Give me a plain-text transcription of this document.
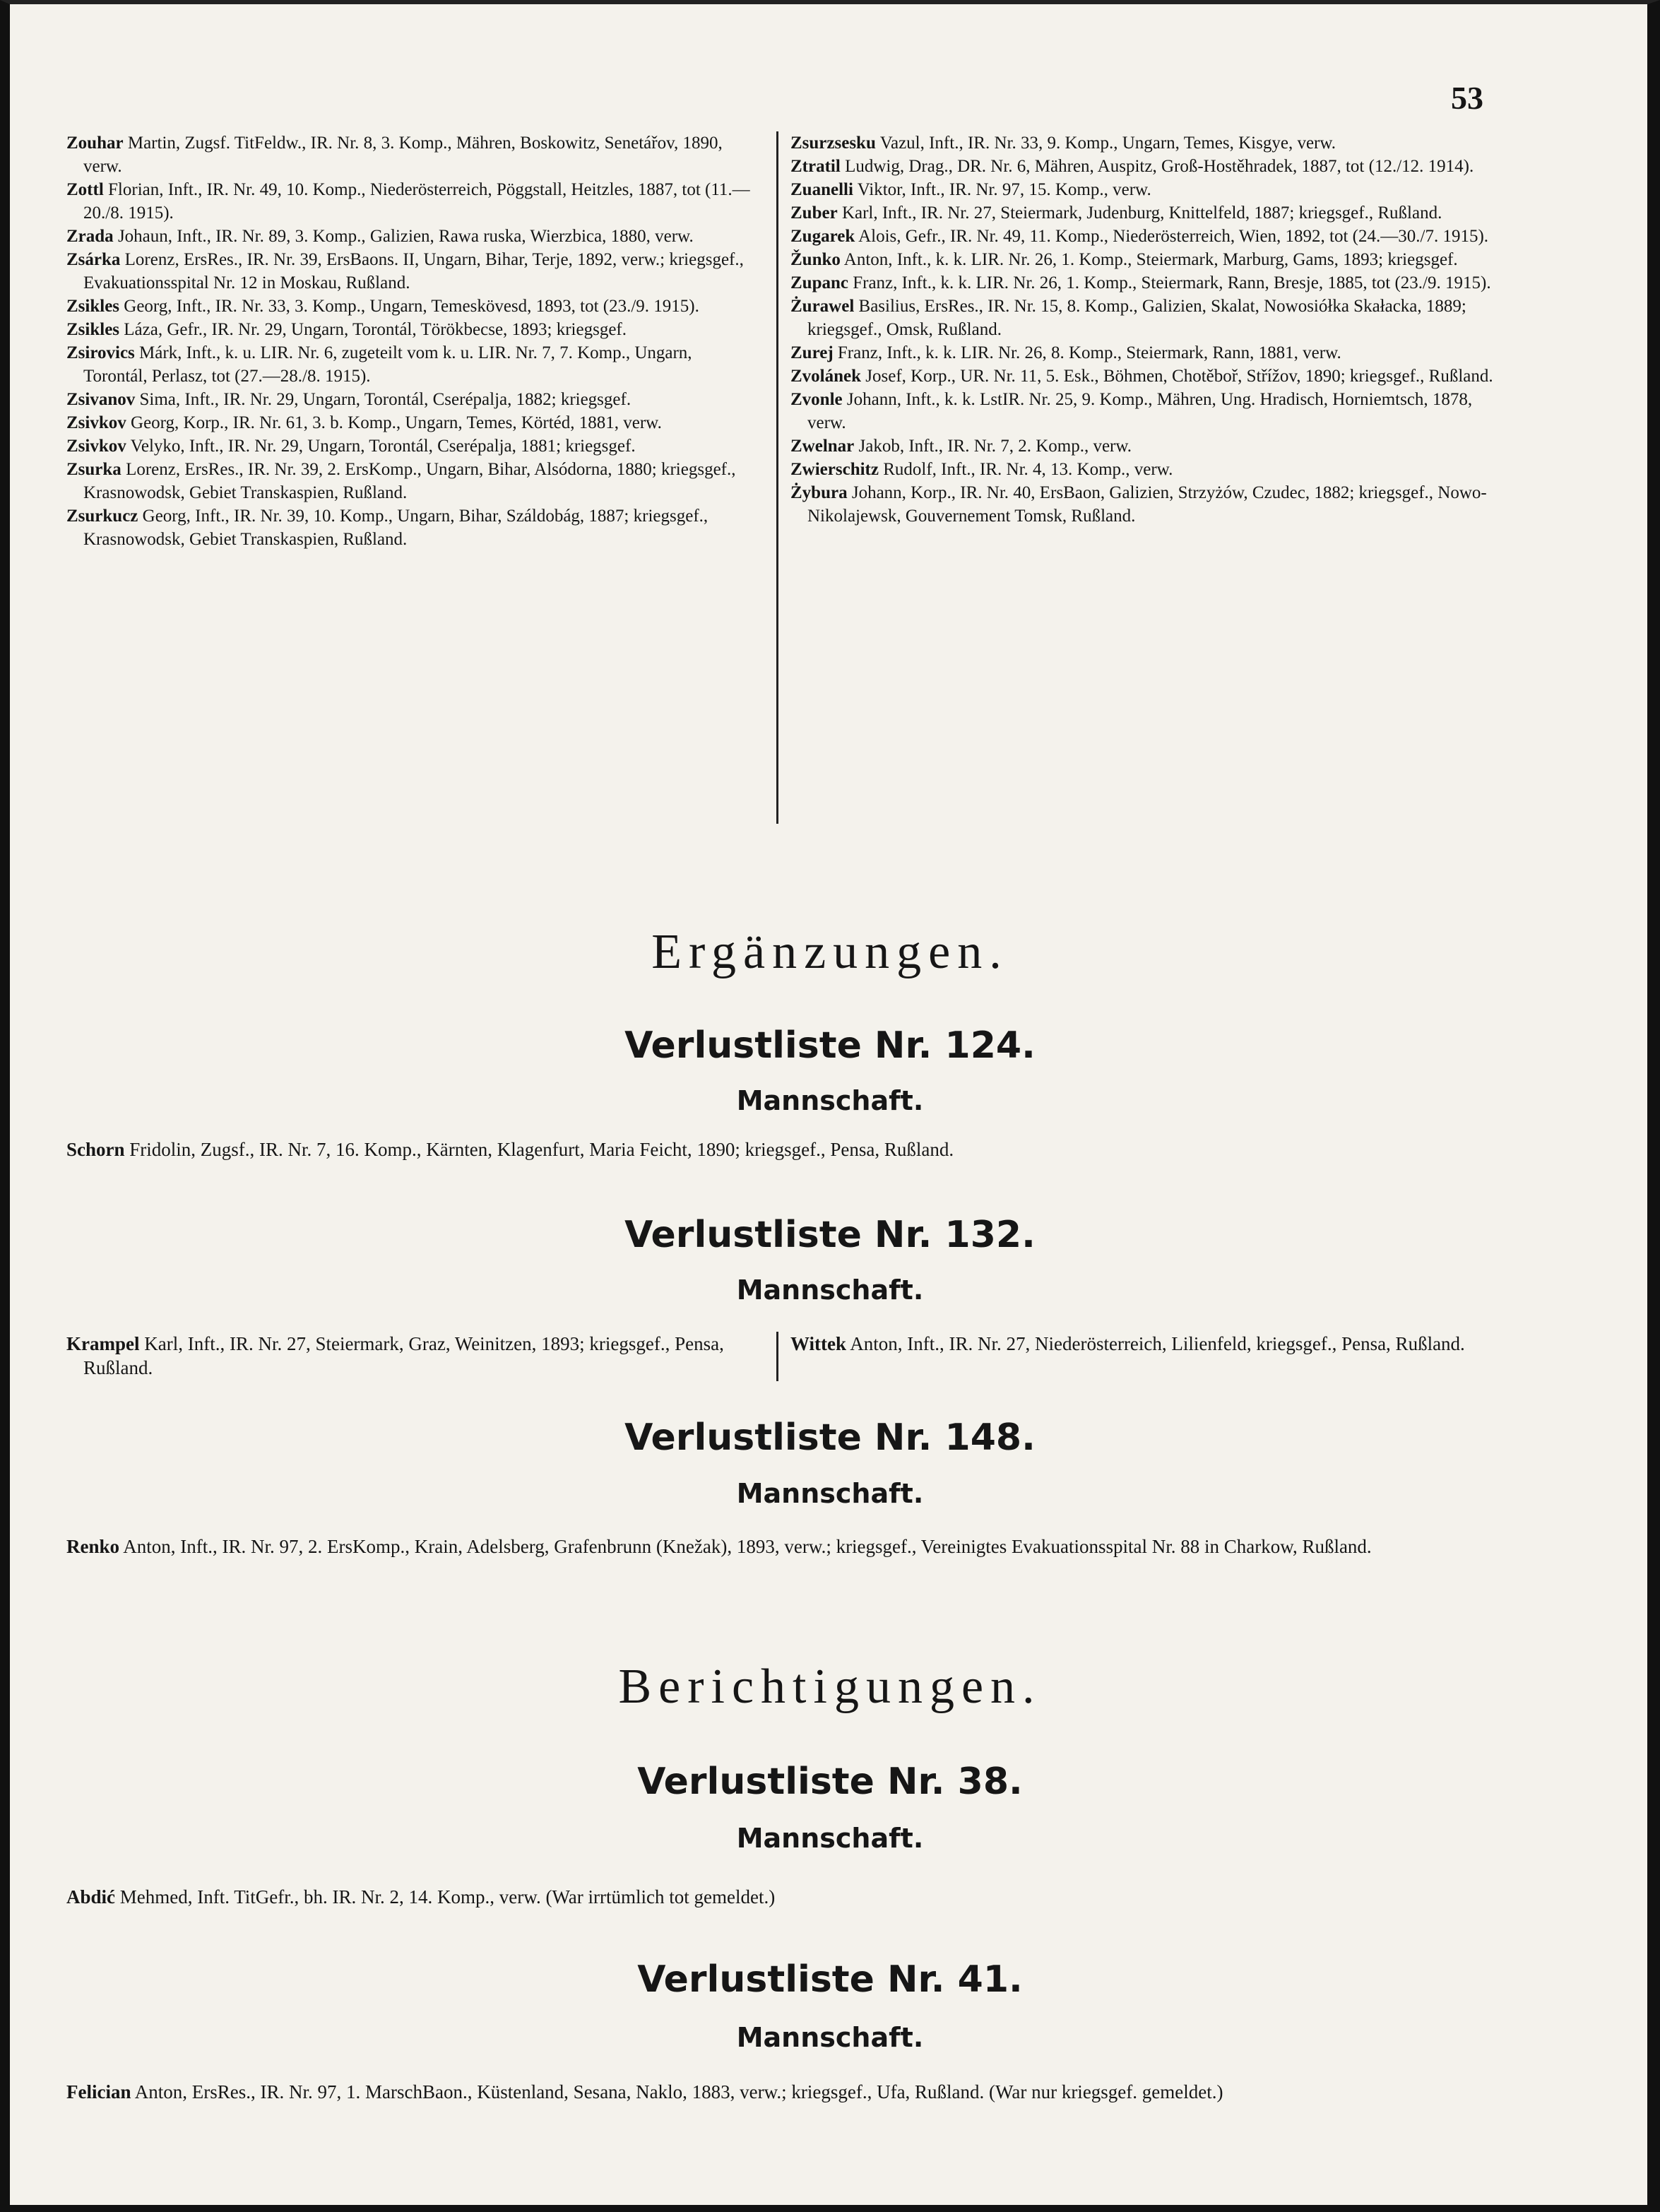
53

Zouhar Martin, Zugsf. TitFeldw., IR. Nr. 8, 3. Komp., Mähren, Boskowitz, Senetářov, 1890, verw.

Zottl Florian, Inft., IR. Nr. 49, 10. Komp., Niederösterreich, Pöggstall, Heitzles, 1887, tot (11.—20./8. 1915).

Zrada Johaun, Inft., IR. Nr. 89, 3. Komp., Galizien, Rawa ruska, Wierzbica, 1880, verw.

Zsárka Lorenz, ErsRes., IR. Nr. 39, ErsBaons. II, Ungarn, Bihar, Terje, 1892, verw.; kriegsgef., Evakuationsspital Nr. 12 in Moskau, Rußland.

Zsikles Georg, Inft., IR. Nr. 33, 3. Komp., Ungarn, Temeskövesd, 1893, tot (23./9. 1915).

Zsikles Láza, Gefr., IR. Nr. 29, Ungarn, Torontál, Törökbecse, 1893; kriegsgef.

Zsirovics Márk, Inft., k. u. LIR. Nr. 6, zugeteilt vom k. u. LIR. Nr. 7, 7. Komp., Ungarn, Torontál, Perlasz, tot (27.—28./8. 1915).

Zsivanov Sima, Inft., IR. Nr. 29, Ungarn, Torontál, Cserépalja, 1882; kriegsgef.

Zsivkov Georg, Korp., IR. Nr. 61, 3. b. Komp., Ungarn, Temes, Körtéd, 1881, verw.

Zsivkov Velyko, Inft., IR. Nr. 29, Ungarn, Torontál, Cserépalja, 1881; kriegsgef.

Zsurka Lorenz, ErsRes., IR. Nr. 39, 2. ErsKomp., Ungarn, Bihar, Alsódorna, 1880; kriegsgef., Krasnowodsk, Gebiet Transkaspien, Rußland.

Zsurkucz Georg, Inft., IR. Nr. 39, 10. Komp., Ungarn, Bihar, Száldobág, 1887; kriegsgef., Krasnowodsk, Gebiet Transkaspien, Rußland.

Zsurzsesku Vazul, Inft., IR. Nr. 33, 9. Komp., Ungarn, Temes, Kisgye, verw.

Ztratil Ludwig, Drag., DR. Nr. 6, Mähren, Auspitz, Groß-Hostěhradek, 1887, tot (12./12. 1914).

Zuanelli Viktor, Inft., IR. Nr. 97, 15. Komp., verw.

Zuber Karl, Inft., IR. Nr. 27, Steiermark, Judenburg, Knittelfeld, 1887; kriegsgef., Rußland.

Zugarek Alois, Gefr., IR. Nr. 49, 11. Komp., Niederösterreich, Wien, 1892, tot (24.—30./7. 1915).

Žunko Anton, Inft., k. k. LIR. Nr. 26, 1. Komp., Steiermark, Marburg, Gams, 1893; kriegsgef.

Zupanc Franz, Inft., k. k. LIR. Nr. 26, 1. Komp., Steiermark, Rann, Bresje, 1885, tot (23./9. 1915).

Żurawel Basilius, ErsRes., IR. Nr. 15, 8. Komp., Galizien, Skalat, Nowosiółka Skałacka, 1889; kriegsgef., Omsk, Rußland.

Zurej Franz, Inft., k. k. LIR. Nr. 26, 8. Komp., Steiermark, Rann, 1881, verw.

Zvolánek Josef, Korp., UR. Nr. 11, 5. Esk., Böhmen, Chotěboř, Střížov, 1890; kriegsgef., Rußland.

Zvonle Johann, Inft., k. k. LstIR. Nr. 25, 9. Komp., Mähren, Ung. Hradisch, Horniemtsch, 1878, verw.

Zwelnar Jakob, Inft., IR. Nr. 7, 2. Komp., verw.

Zwierschitz Rudolf, Inft., IR. Nr. 4, 13. Komp., verw.

Żybura Johann, Korp., IR. Nr. 40, ErsBaon, Galizien, Strzyżów, Czudec, 1882; kriegsgef., Nowo-Nikolajewsk, Gouvernement Tomsk, Rußland.

Ergänzungen.
Verlustliste Nr. 124.
Mannschaft.
Schorn Fridolin, Zugsf., IR. Nr. 7, 16. Komp., Kärnten, Klagenfurt, Maria Feicht, 1890; kriegsgef., Pensa, Rußland.
Verlustliste Nr. 132.
Mannschaft.
Krampel Karl, Inft., IR. Nr. 27, Steiermark, Graz, Weinitzen, 1893; kriegsgef., Pensa, Rußland.
Wittek Anton, Inft., IR. Nr. 27, Niederösterreich, Lilienfeld, kriegsgef., Pensa, Rußland.
Verlustliste Nr. 148.
Mannschaft.
Renko Anton, Inft., IR. Nr. 97, 2. ErsKomp., Krain, Adelsberg, Grafenbrunn (Knežak), 1893, verw.; kriegsgef., Vereinigtes Evakuationsspital Nr. 88 in Charkow, Rußland.
Berichtigungen.
Verlustliste Nr. 38.
Mannschaft.
Abdić Mehmed, Inft. TitGefr., bh. IR. Nr. 2, 14. Komp., verw. (War irrtümlich tot gemeldet.)
Verlustliste Nr. 41.
Mannschaft.
Felician Anton, ErsRes., IR. Nr. 97, 1. MarschBaon., Küstenland, Sesana, Naklo, 1883, verw.; kriegsgef., Ufa, Rußland. (War nur kriegsgef. gemeldet.)
